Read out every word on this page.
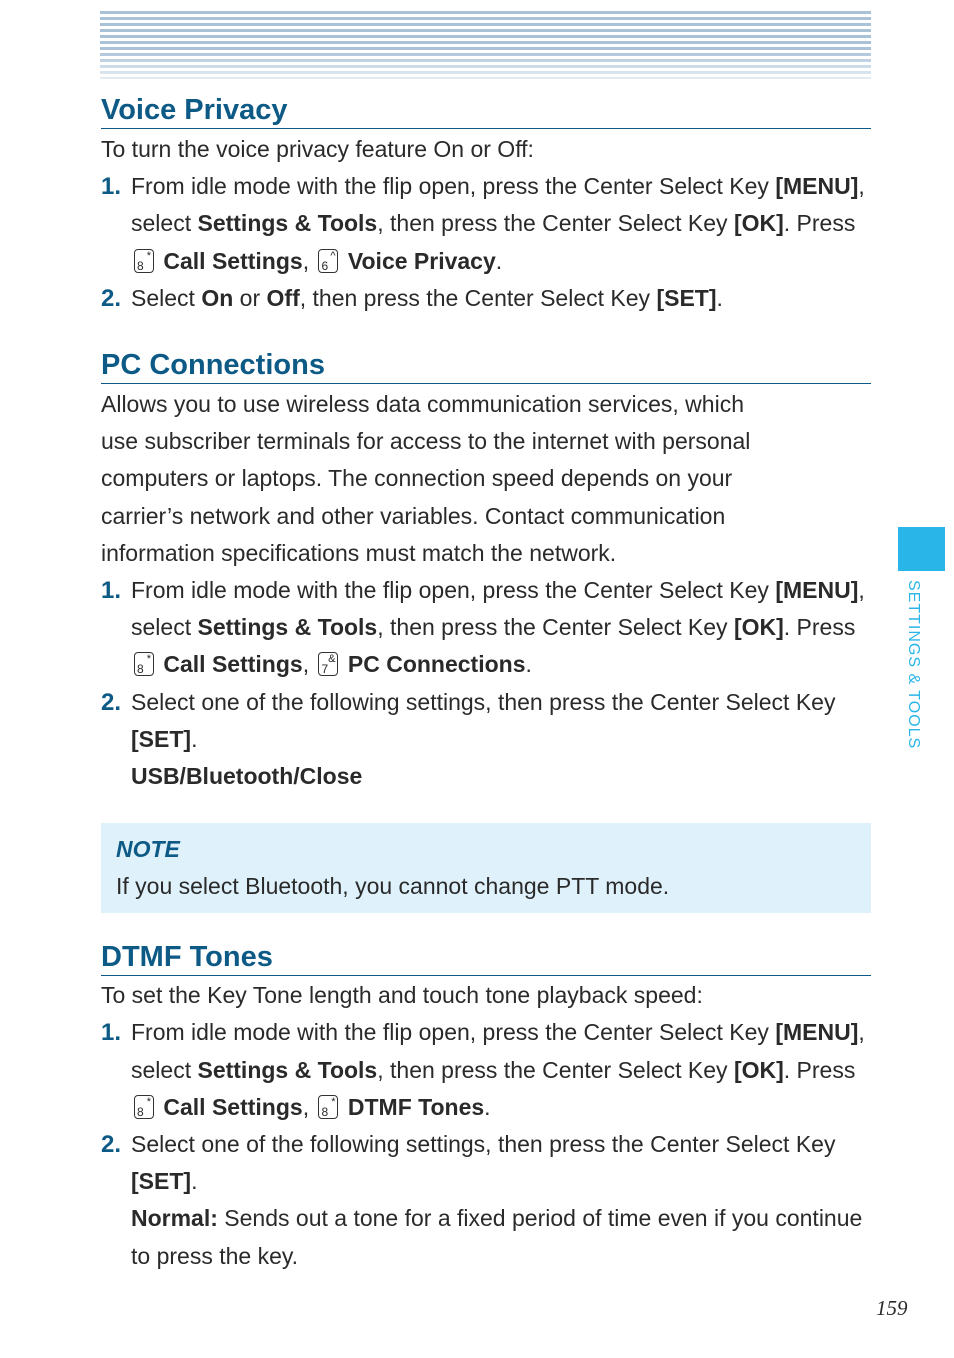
Voice Privacy

To turn the voice privacy feature On or Off:

1. From idle mode with the flip open, press the Center Select Key [MENU], select Settings & Tools, then press the Center Select Key [OK]. Press
8
* Call Settings, 6
^ Voice Privacy.
2. Select On or Off, then press the Center Select Key [SET].
PC Connections
Allows you to use wireless data communication services, which
use subscriber terminals for access to the internet with personal
computers or laptops. The connection speed depends on your
carrier’s network and other variables. Contact communication
information specifications must match the network.
1. From idle mode with the flip open, press the Center Select Key [MENU], select Settings & Tools, then press the Center Select Key [OK]. Press
8
* Call Settings, 7
& PC Connections.
2. Select one of the following settings, then press the Center Select Key [SET].
USB/Bluetooth/Close
NOTE
If you select Bluetooth, you cannot change PTT mode.
DTMF Tones

To set the Key Tone length and touch tone playback speed:

1. From idle mode with the flip open, press the Center Select Key [MENU], select Settings & Tools, then press the Center Select Key [OK]. Press
8
* Call Settings, 8
* DTMF Tones.
2. Select one of the following settings, then press the Center Select Key [SET].
Normal: Sends out a tone for a fixed period of time even if you continue to press the key.
SETTINGS & TOOLS
159
